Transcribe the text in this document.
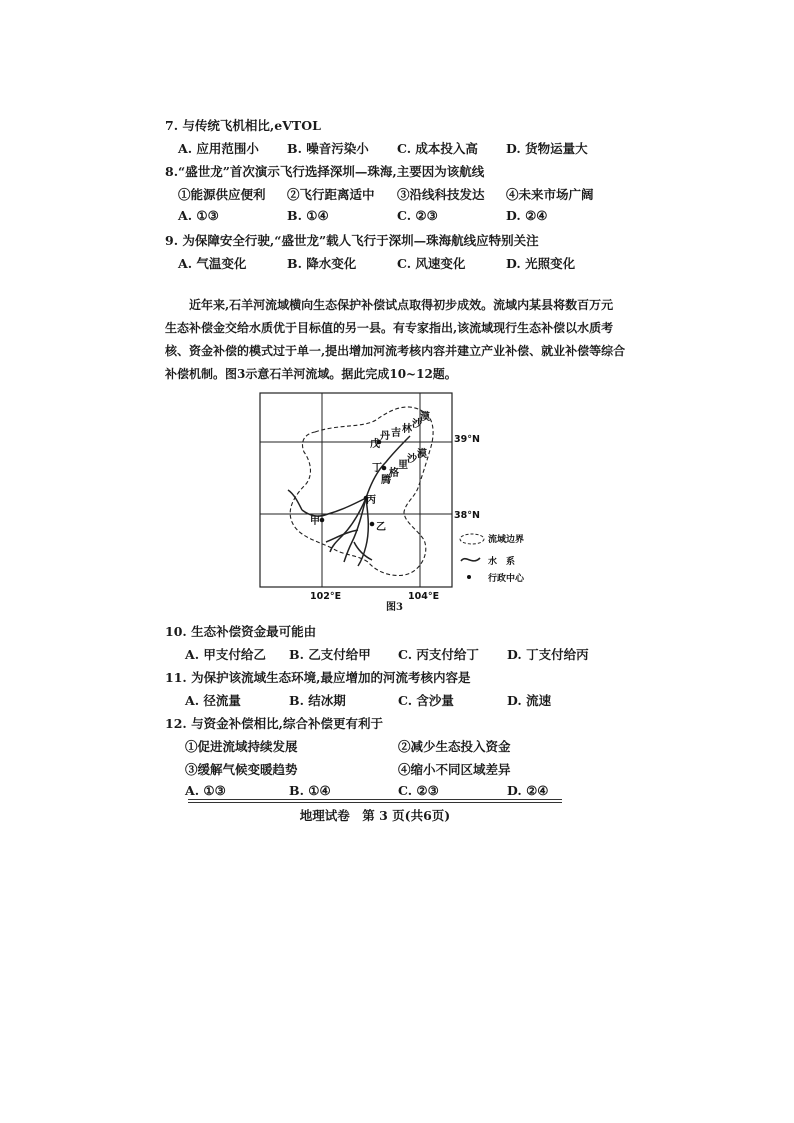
7. 与传统飞机相比,eVTOL
A. 应用范围小 B. 噪音污染小 C. 成本投入高 D. 货物运量大
8.“盛世龙”首次演示飞行选择深圳—珠海,主要因为该航线
①能源供应便利 ②飞行距离适中 ③沿线科技发达 ④未来市场广阔
A. ①③	B. ①④	C. ②③	D. ②④
9. 为保障安全行驶,“盛世龙”载人飞行于深圳—珠海航线应特别关注
A. 气温变化	B. 降水变化	C. 风速变化	D. 光照变化

近年来,石羊河流域横向生态保护补偿试点取得初步成效。流域内某县将数百万元

生态补偿金交给水质优于目标值的另一县。有专家指出,该流域现行生态补偿以水质考

核、资金补偿的模式过于单一,提出增加河流考核内容并建立产业补偿、就业补偿等综合

补偿机制。图3示意石羊河流域。据此完成10~12题。

甲
乙
丙
丁
戊
丹 吉 林 沙
漠
腾
格
里
沙 漠
39°N
38°N
102°E	104°E
流域边界
水　系
行政中心
图3
10. 生态补偿资金最可能由
A. 甲支付给乙 B. 乙支付给甲 C. 丙支付给丁 D. 丁支付给丙
11. 为保护该流域生态环境,最应增加的河流考核内容是
A. 径流量	B. 结冰期	C. 含沙量	D. 流速
12. 与资金补偿相比,综合补偿更有利于
①促进流域持续发展	②减少生态投入资金
③缓解气候变暖趋势	④缩小不同区域差异
A. ①③	B. ①④	C. ②③	D. ②④
地理试卷　第 3 页(共6页)
